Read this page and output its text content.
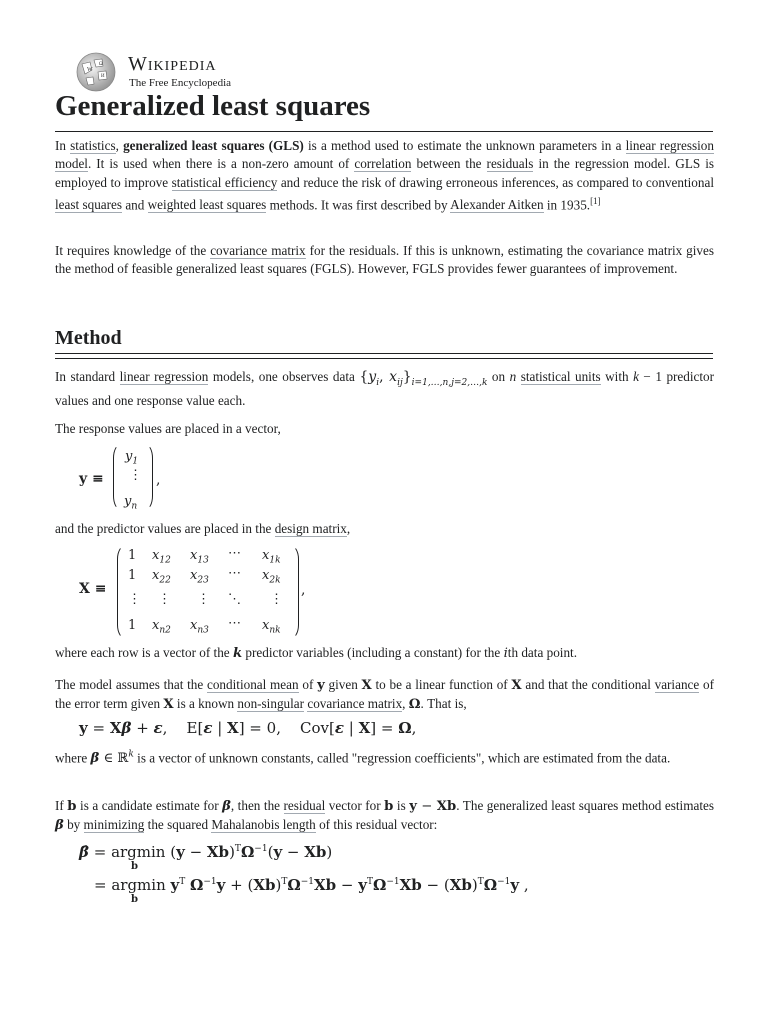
W
Ω
И
Wikipedia
The Free Encyclopedia
Generalized least squares

In statistics, generalized least squares (GLS) is a method used to estimate the unknown parameters in a linear regression model. It is used when there is a non-zero amount of correlation between the residuals in the regression model. GLS is employed to improve statistical efficiency and reduce the risk of drawing erroneous inferences, as compared to conventional least squares and weighted least squares methods. It was first described by Alexander Aitken in 1935.[1]

It requires knowledge of the covariance matrix for the residuals. If this is unknown, estimating the covariance matrix gives the method of feasible generalized least squares (FGLS). However, FGLS provides fewer guarantees of improvement.

Method

In standard linear regression models, one observes data {$y_i$, $x_{ij}\}_{i=1,\dots,n,j=2,\dots,k}$ on n statistical units with k − 1 predictor values and one response value each.

The response values are placed in a vector,

y ≡
$y_1$
⋮
$y_n$
,

and the predictor values are placed in the design matrix,

X ≡
1 $x_{12}$ $x_{13}$ ⋯ $x_{1k}$
1 $x_{22}$ $x_{23}$ ⋯ $x_{2k}$
⋮ ⋮ ⋮ ⋱ ⋮
1 $x_{n2}$ $x_{n3}$ ⋯ $x_{nk}$
,

where each row is a vector of the k predictor variables (including a constant) for the ith data point.

The model assumes that the conditional mean of y given X to be a linear function of X and that the conditional variance of the error term given X is a known non-singular covariance matrix, Ω. That is,

y = Xβ + ε,    E[ε | X] = 0,    Cov[ε | X] = Ω,

where β ∈ ℝ$^k$ is a vector of unknown constants, called "regression coefficients", which are estimated from the data.

If b is a candidate estimate for β, then the residual vector for b is y − Xb. The generalized least squares method estimates β by minimizing the squared Mahalanobis length of this residual vector:

β̂ = argmin $(y - Xb)^T\Omega^{-1}(y - Xb)$
b
= argmin $y^T$ $\Omega^{-1}y + (Xb)^T\Omega^{-1}Xb - y^T\Omega^{-1}Xb - (Xb)^T\Omega^{-1}y$ ,
b
